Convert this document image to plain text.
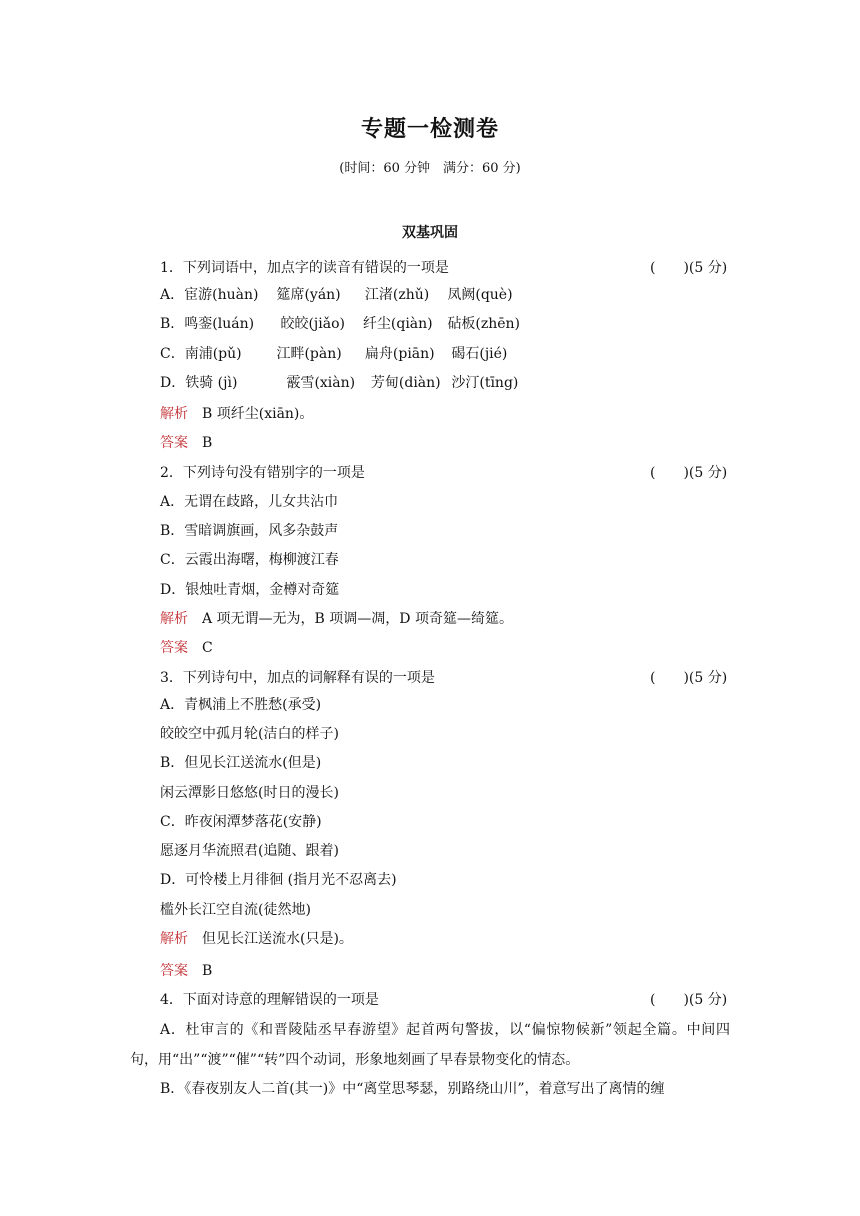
专题一检测卷
(时间：60 分钟　满分：60 分)
双基巩固
1．下列词语中，加点字的读音有错误的一项是	(　　)(5 分)
A．宦游(huàn) 筵席(yán) 江渚(zhǔ) 凤阙(què)
B．鸣銮(luán) 皎皎(jiǎo) 纤尘(qiàn) 砧板(zhēn)
C．南浦(pǔ) 江畔(pàn) 扁舟(piān) 碣石(jié)
D．铁骑 (jì)	霰雪(xiàn) 芳甸(diàn) 沙汀(tīng)
解析 B 项纤尘(xiān)。
答案 B
2．下列诗句没有错别字的一项是	(　　)(5 分)
A．无谓在歧路，儿女共沾巾
B．雪暗调旗画，风多杂鼓声
C．云霞出海曙，梅柳渡江春
D．银烛吐青烟，金樽对奇筵
解析 A 项无谓—无为，B 项调—凋，D 项奇筵—绮筵。
答案 C
3．下列诗句中，加点的词解释有误的一项是	(　　)(5 分)
A．青枫浦上不胜愁(承受)
皎皎空中孤月轮(洁白的样子)
B．但见长江送流水(但是)
闲云潭影日悠悠(时日的漫长)
C．昨夜闲潭梦落花(安静)
愿逐月华流照君(追随、跟着)
D．可怜楼上月徘徊 (指月光不忍离去)
槛外长江空自流(徒然地)
解析 但见长江送流水(只是)。
答案 B
4．下面对诗意的理解错误的一项是	(　　)(5 分)
A．杜审言的《和晋陵陆丞早春游望》起首两句警拔，以“偏惊物候新”领起全篇。中间四句，用“出”“渡”“催”“转”四个动词，形象地刻画了早春景物变化的情态。
B．《春夜别友人二首(其一)》中“离堂思琴瑟，别路绕山川”，着意写出了离情的缠
